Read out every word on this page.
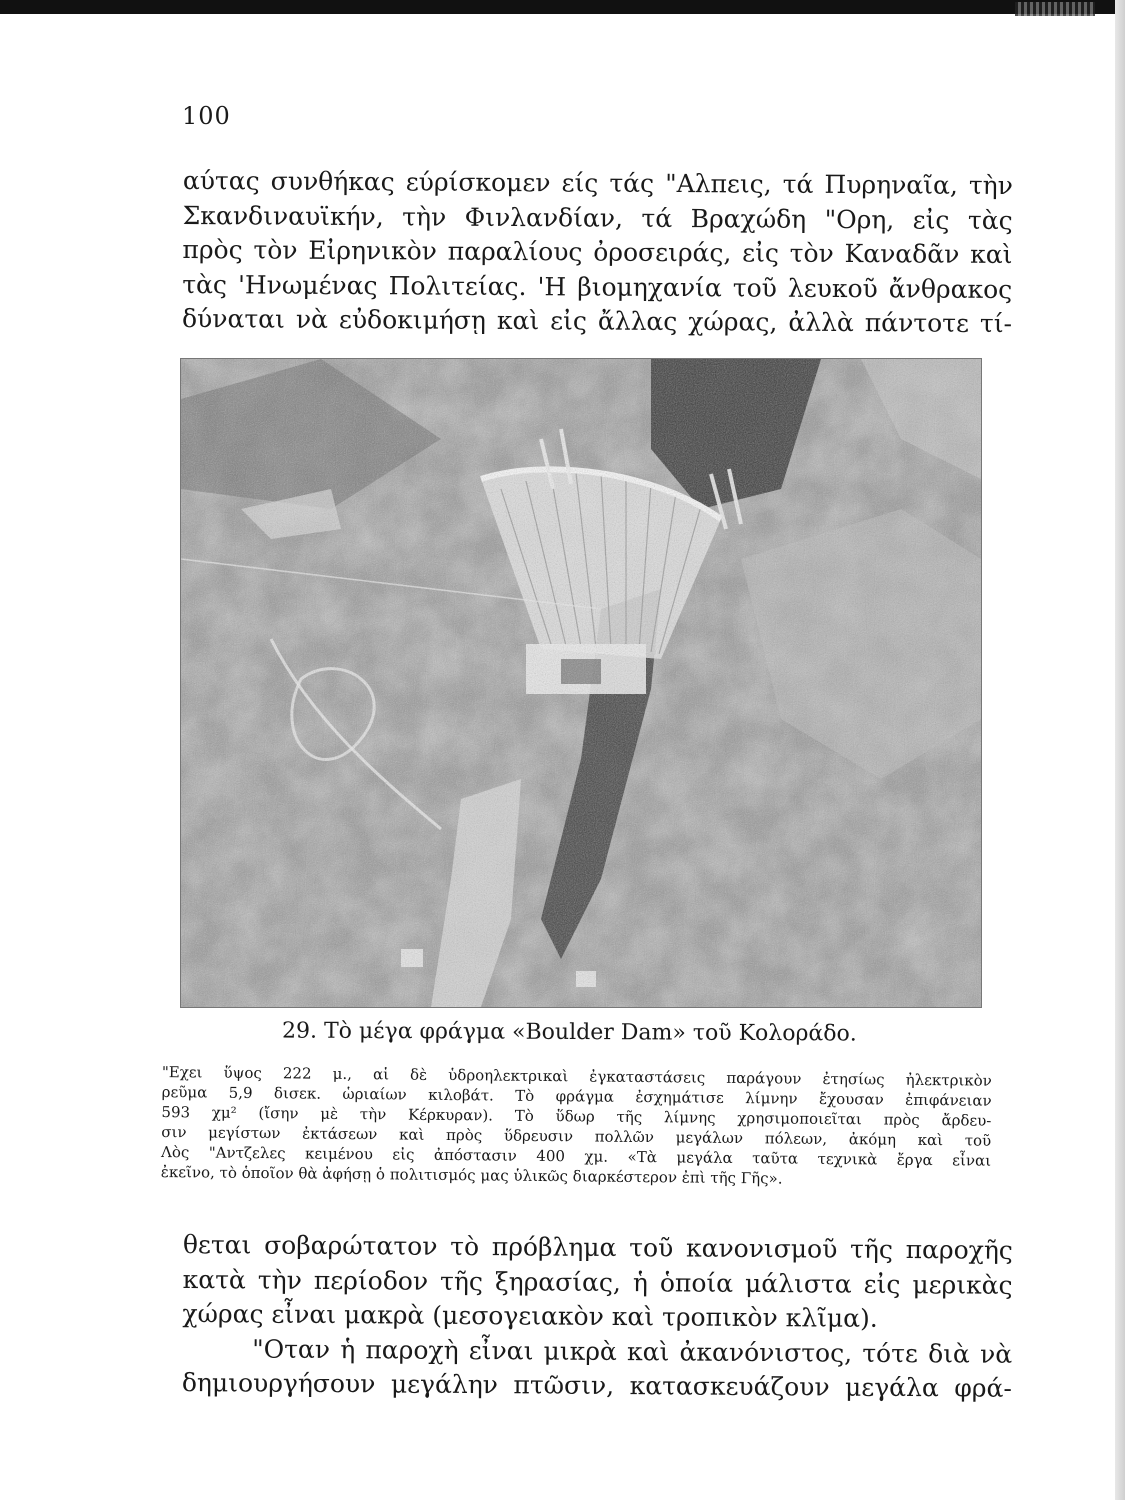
100
αύτας συνθήκας εύρίσκομεν είς τάς "Αλπεις, τά Πυρηναῖα, τὴν
Σκανδιναυϊκήν, τὴν Φινλανδίαν, τά Βραχώδη "Ορη, εἰς τὰς
πρὸς τὸν Εἰρηνικὸν παραλίους ὀροσειράς, εἰς τὸν Καναδᾶν καὶ
τὰς 'Ηνωμένας Πολιτείας. 'Η βιομηχανία τοῦ λευκοῦ ἄνθρακος
δύναται νὰ εὐδοκιμήσῃ καὶ εἰς ἄλλας χώρας, ἀλλὰ πάντοτε τί-
29. Τὸ μέγα φράγμα «Boulder Dam» τοῦ Κολοράδο.
"Εχει ὕψος 222 μ., αἱ δὲ ὑδροηλεκτρικαὶ ἐγκαταστάσεις παράγουν ἐτησίως ἠλεκτρικὸν
ρεῦμα 5,9 δισεκ. ὡριαίων κιλοβάτ. Τὸ φράγμα ἐσχημάτισε λίμνην ἔχουσαν ἐπιφάνειαν
593 χμ² (ἴσην μὲ τὴν Κέρκυραν). Τὸ ὕδωρ τῆς λίμνης χρησιμοποιεῖται πρὸς ἄρδευ-
σιν μεγίστων ἐκτάσεων καὶ πρὸς ὕδρευσιν πολλῶν μεγάλων πόλεων, ἀκόμη καὶ τοῦ
Λὸς "Αντζελες κειμένου εἰς ἀπόστασιν 400 χμ. «Τὰ μεγάλα ταῦτα τεχνικὰ ἔργα εἶναι
ἐκεῖνο, τὸ ὁποῖον θὰ ἀφήσῃ ὁ πολιτισμός μας ὑλικῶς διαρκέστερον ἐπὶ τῆς Γῆς».
θεται σοβαρώτατον τὸ πρόβλημα τοῦ κανονισμοῦ τῆς παροχῆς
κατὰ τὴν περίοδον τῆς ξηρασίας, ἡ ὁποία μάλιστα εἰς μερικὰς
χώρας εἶναι μακρὰ (μεσογειακὸν καὶ τροπικὸν κλῖμα).
"Οταν ἡ παροχὴ εἶναι μικρὰ καὶ ἀκανόνιστος, τότε διὰ νὰ
δημιουργήσουν μεγάλην πτῶσιν, κατασκευάζουν μεγάλα φρά-
